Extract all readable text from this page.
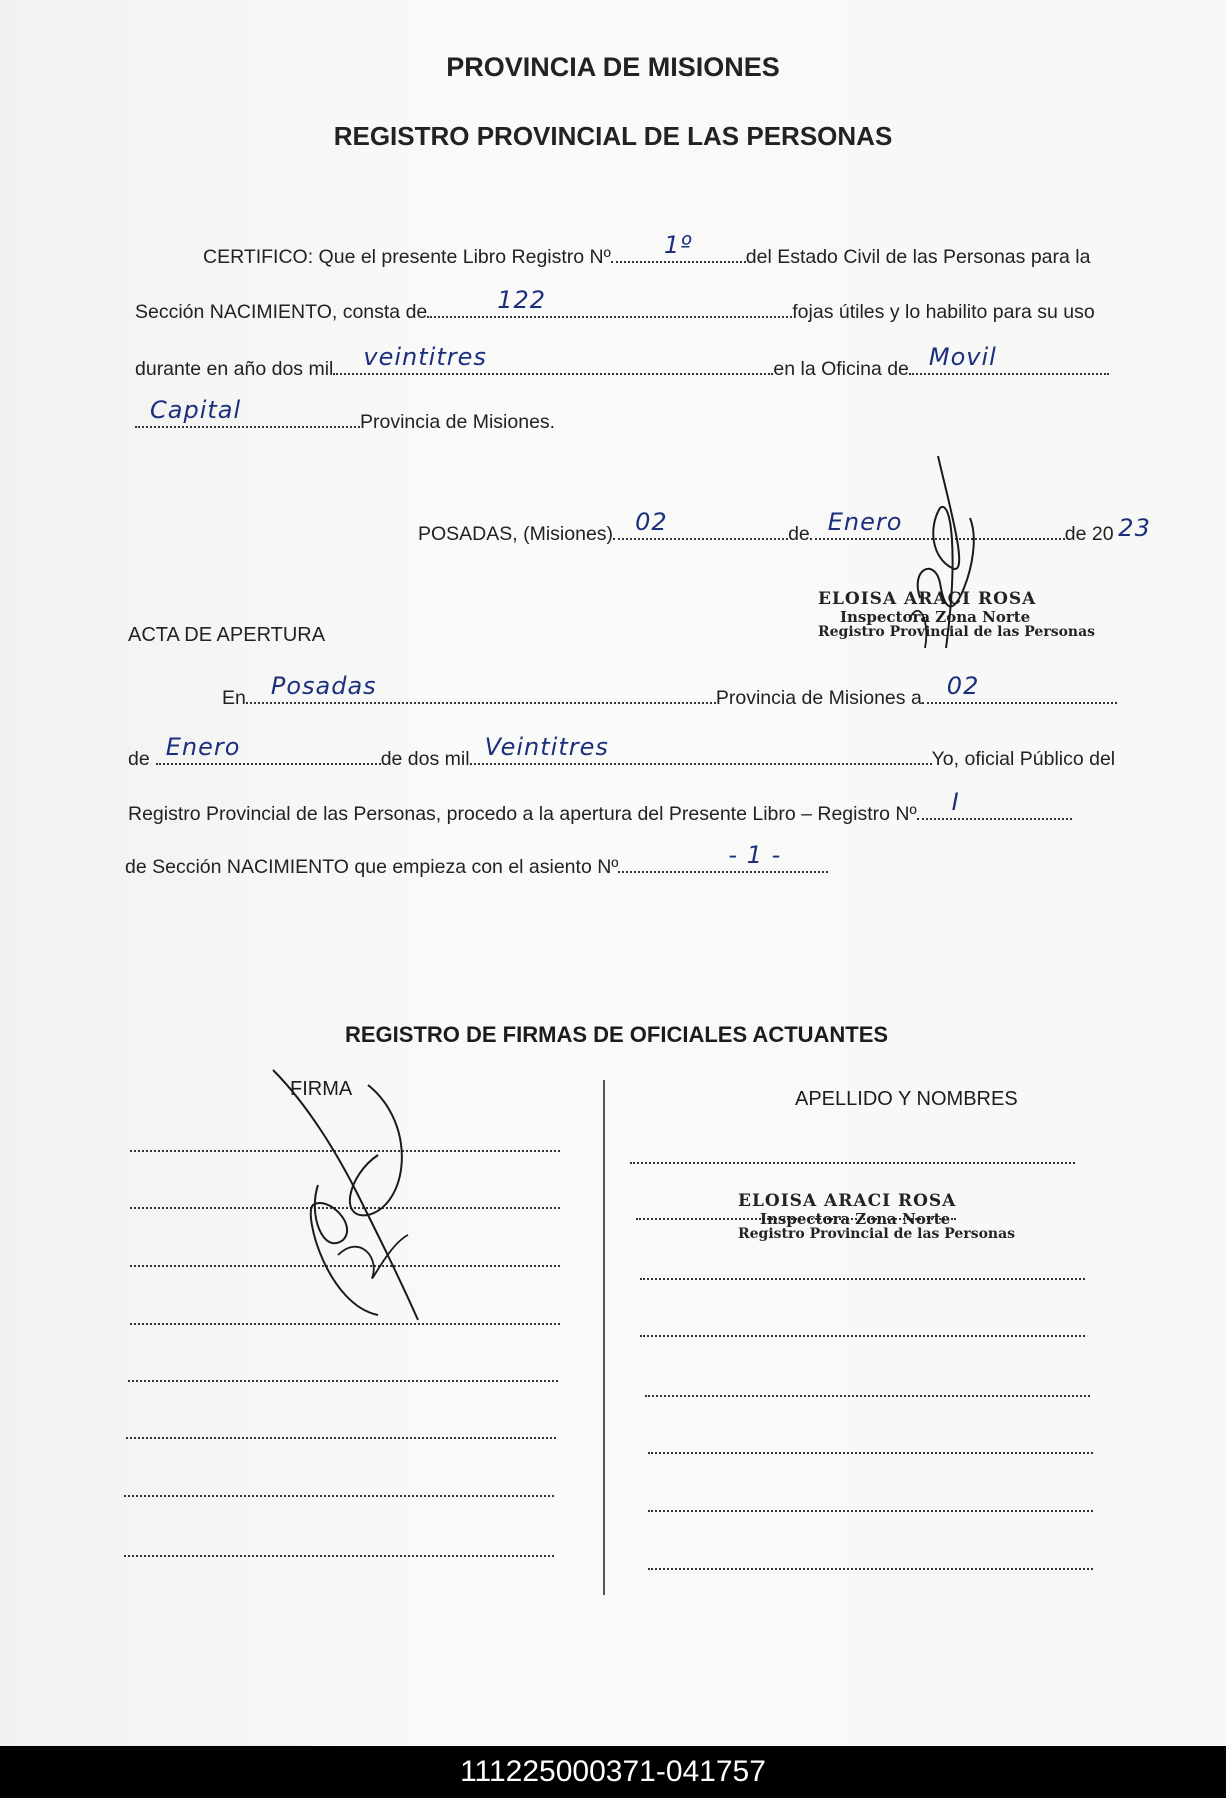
PROVINCIA DE MISIONES
REGISTRO PROVINCIAL DE LAS PERSONAS
CERTIFICO: Que el presente Libro Registro Nº	1º	del Estado Civil de las Personas para la
Sección NACIMIENTO, consta de	122	fojas útiles y lo habilito para su uso
durante en año dos mil	veintitres	en la Oficina de Movil
Capital	Provincia de Misiones.
POSADAS, (Misiones) 02	de Enero	de 20 23
ELOISA ARACI ROSA
Inspectora Zona Norte
Registro Provincial de las Personas
ACTA DE APERTURA
En	Posadas	Provincia de Misiones a	02
de Enero	de dos mil Veintitres	Yo, oficial Público del
Registro Provincial de las Personas, procedo a la apertura del Presente Libro – Registro Nº	I
de Sección NACIMIENTO que empieza con el asiento Nº	- 1 -
REGISTRO DE FIRMAS DE OFICIALES ACTUANTES
FIRMA	APELLIDO Y NOMBRES
ELOISA ARACI ROSA
Inspectora Zona Norte
Registro Provincial de las Personas
111225000371-041757
